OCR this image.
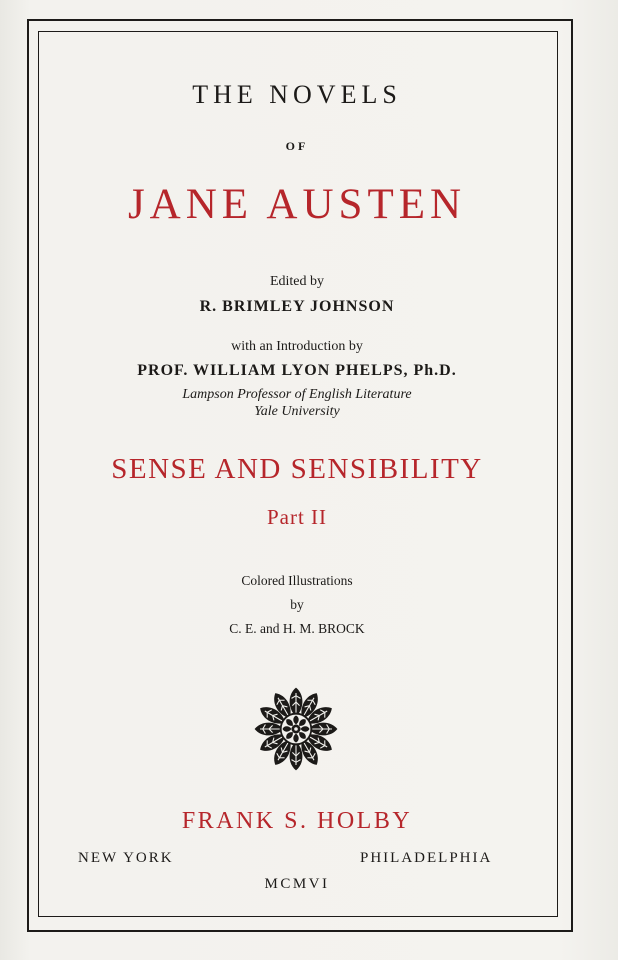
THE NOVELS
OF
JANE AUSTEN
Edited by
R. BRIMLEY JOHNSON
with an Introduction by
PROF. WILLIAM LYON PHELPS, Ph.D.
Lampson Professor of English Literature
Yale University
SENSE AND SENSIBILITY
Part II
Colored Illustrations
by
C. E. and H. M. BROCK
FRANK S. HOLBY
NEW YORK	PHILADELPHIA
MCMVI
